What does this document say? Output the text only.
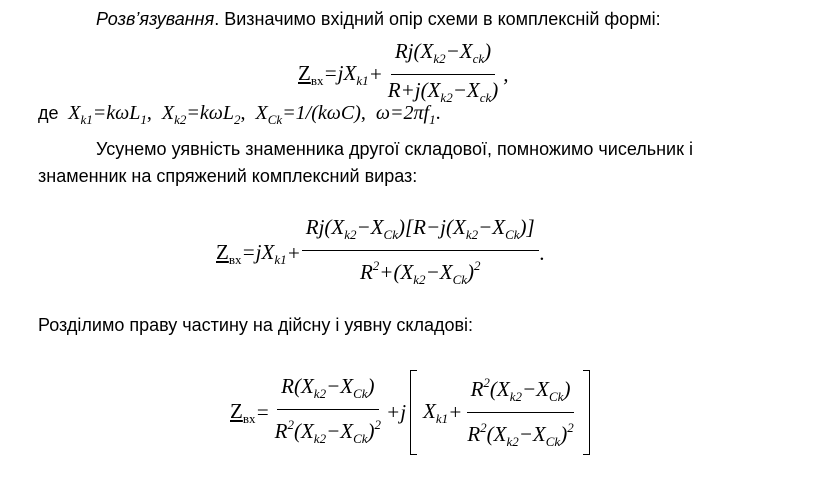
Розв’язування. Визначимо вхідний опір схеми в комплексній формі:
$Z_{вх} =jX_{k1} + \frac{Rj(X_{k2}-X_{ck})}{R+j(X_{k2}-X_{ck})}$ ,
де $X_{k1}=k\omega L_1$, $X_{k2}=k\omega L_2$, $X_{Ck}=1/(k\omega C)$, $\omega=2\pi f_1$.
Усунемо уявність знаменника другої складової, помножимо чисельник і
знаменник на спряжений комплексний вираз:
$Z_{вх} =jX_{k1} + \frac{Rj(X_{k2}-X_{Ck})[R-j(X_{k2}-X_{Ck})]}{R^2+(X_{k2}-X_{Ck})^2}$ .
Розділимо праву частину на дійсну і уявну складові:
$Z_{вх} = \frac{R(X_{k2}-X_{Ck})}{R^2(X_{k2}-X_{Ck})^2} +j$ $X_{k1} + \frac{R^2(X_{k2}-X_{Ck})}{R^2(X_{k2}-X_{Ck})^2}$
